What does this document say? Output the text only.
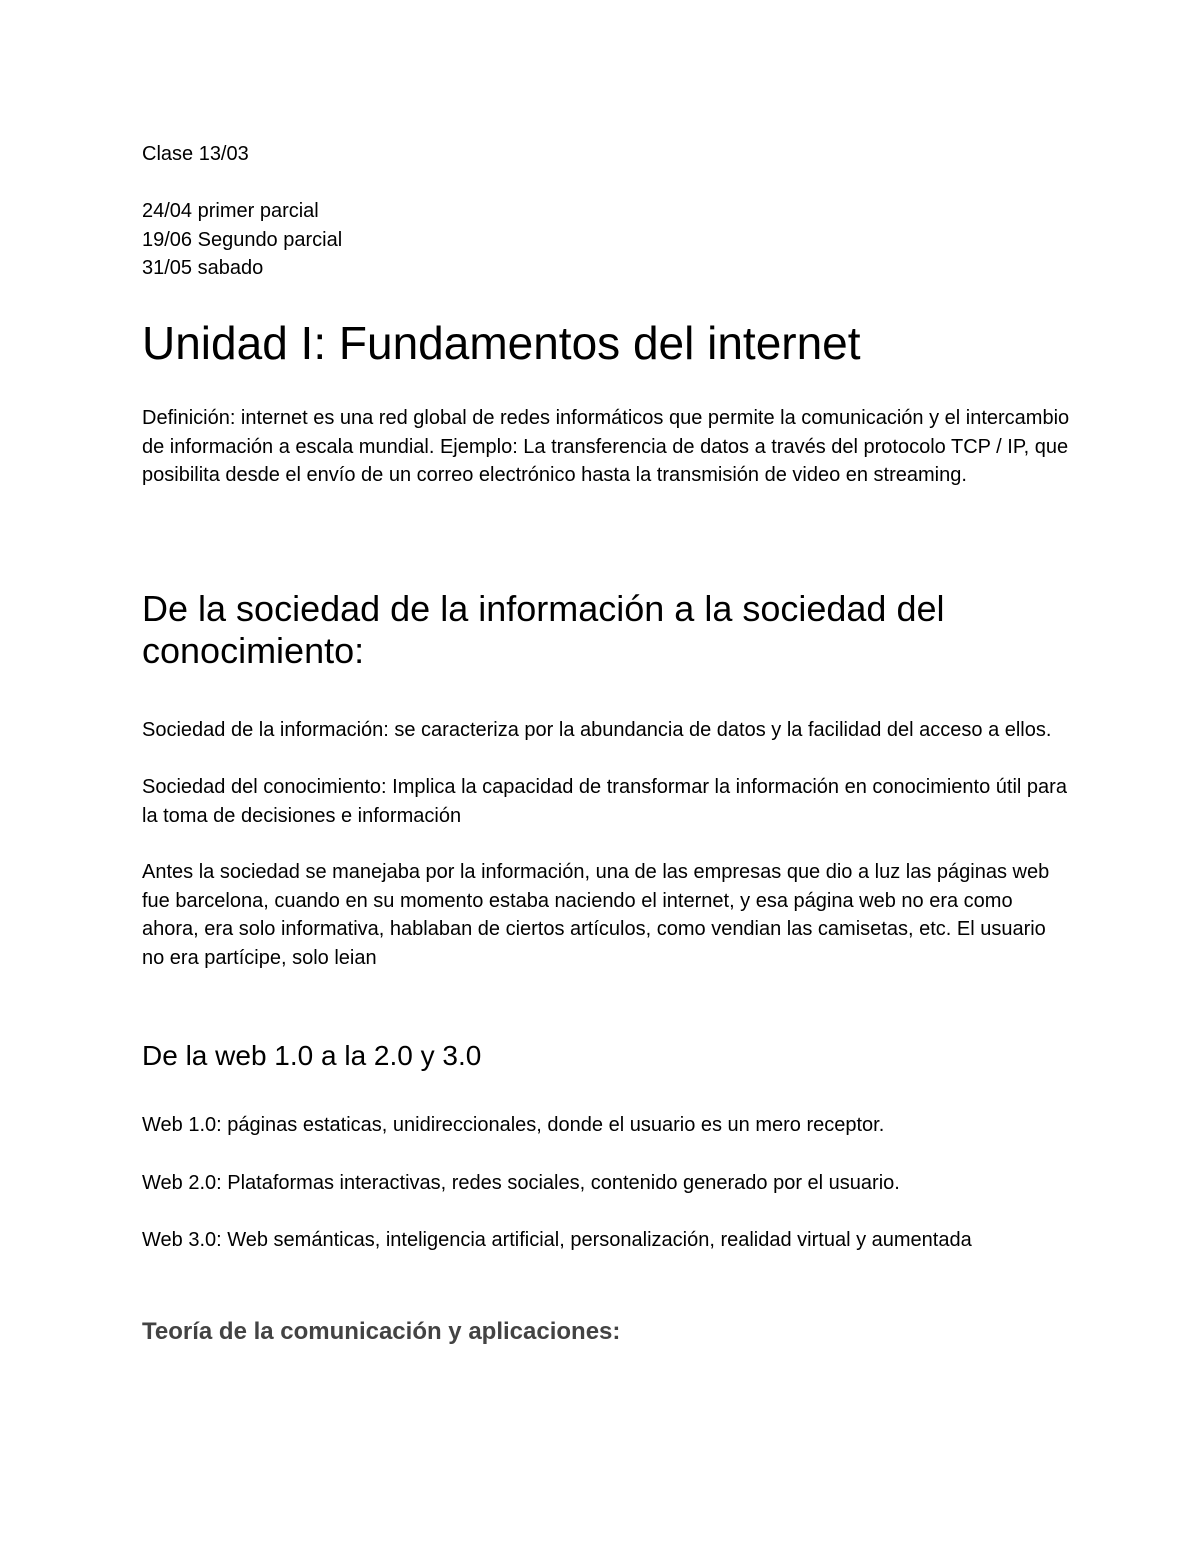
Clase 13/03

24/04 primer parcial

19/06 Segundo parcial

31/05 sabado

Unidad I: Fundamentos del internet

Definición: internet es una red global de redes informáticos que permite la comunicación y el intercambio de información a escala mundial. Ejemplo: La transferencia de datos a través del protocolo TCP / IP, que posibilita desde el envío de un correo electrónico hasta la transmisión de video en streaming.

De la sociedad de la información a la sociedad del conocimiento:

Sociedad de la información: se caracteriza por la abundancia de datos y la facilidad del acceso a ellos.

Sociedad del conocimiento: Implica la capacidad de transformar la información en conocimiento útil para la toma de decisiones e información

Antes la sociedad se manejaba por la información, una de las empresas que dio a luz las páginas web fue barcelona, cuando en su momento estaba naciendo el internet, y esa página web no era como ahora, era solo informativa, hablaban de ciertos artículos, como vendian las camisetas, etc. El usuario no era partícipe, solo leian

De la web 1.0 a la 2.0 y 3.0

Web 1.0: páginas estaticas, unidireccionales, donde el usuario es un mero receptor.

Web 2.0: Plataformas interactivas, redes sociales, contenido generado por el usuario.

Web 3.0: Web semánticas, inteligencia artificial, personalización, realidad virtual y aumentada

Teoría de la comunicación y aplicaciones:
